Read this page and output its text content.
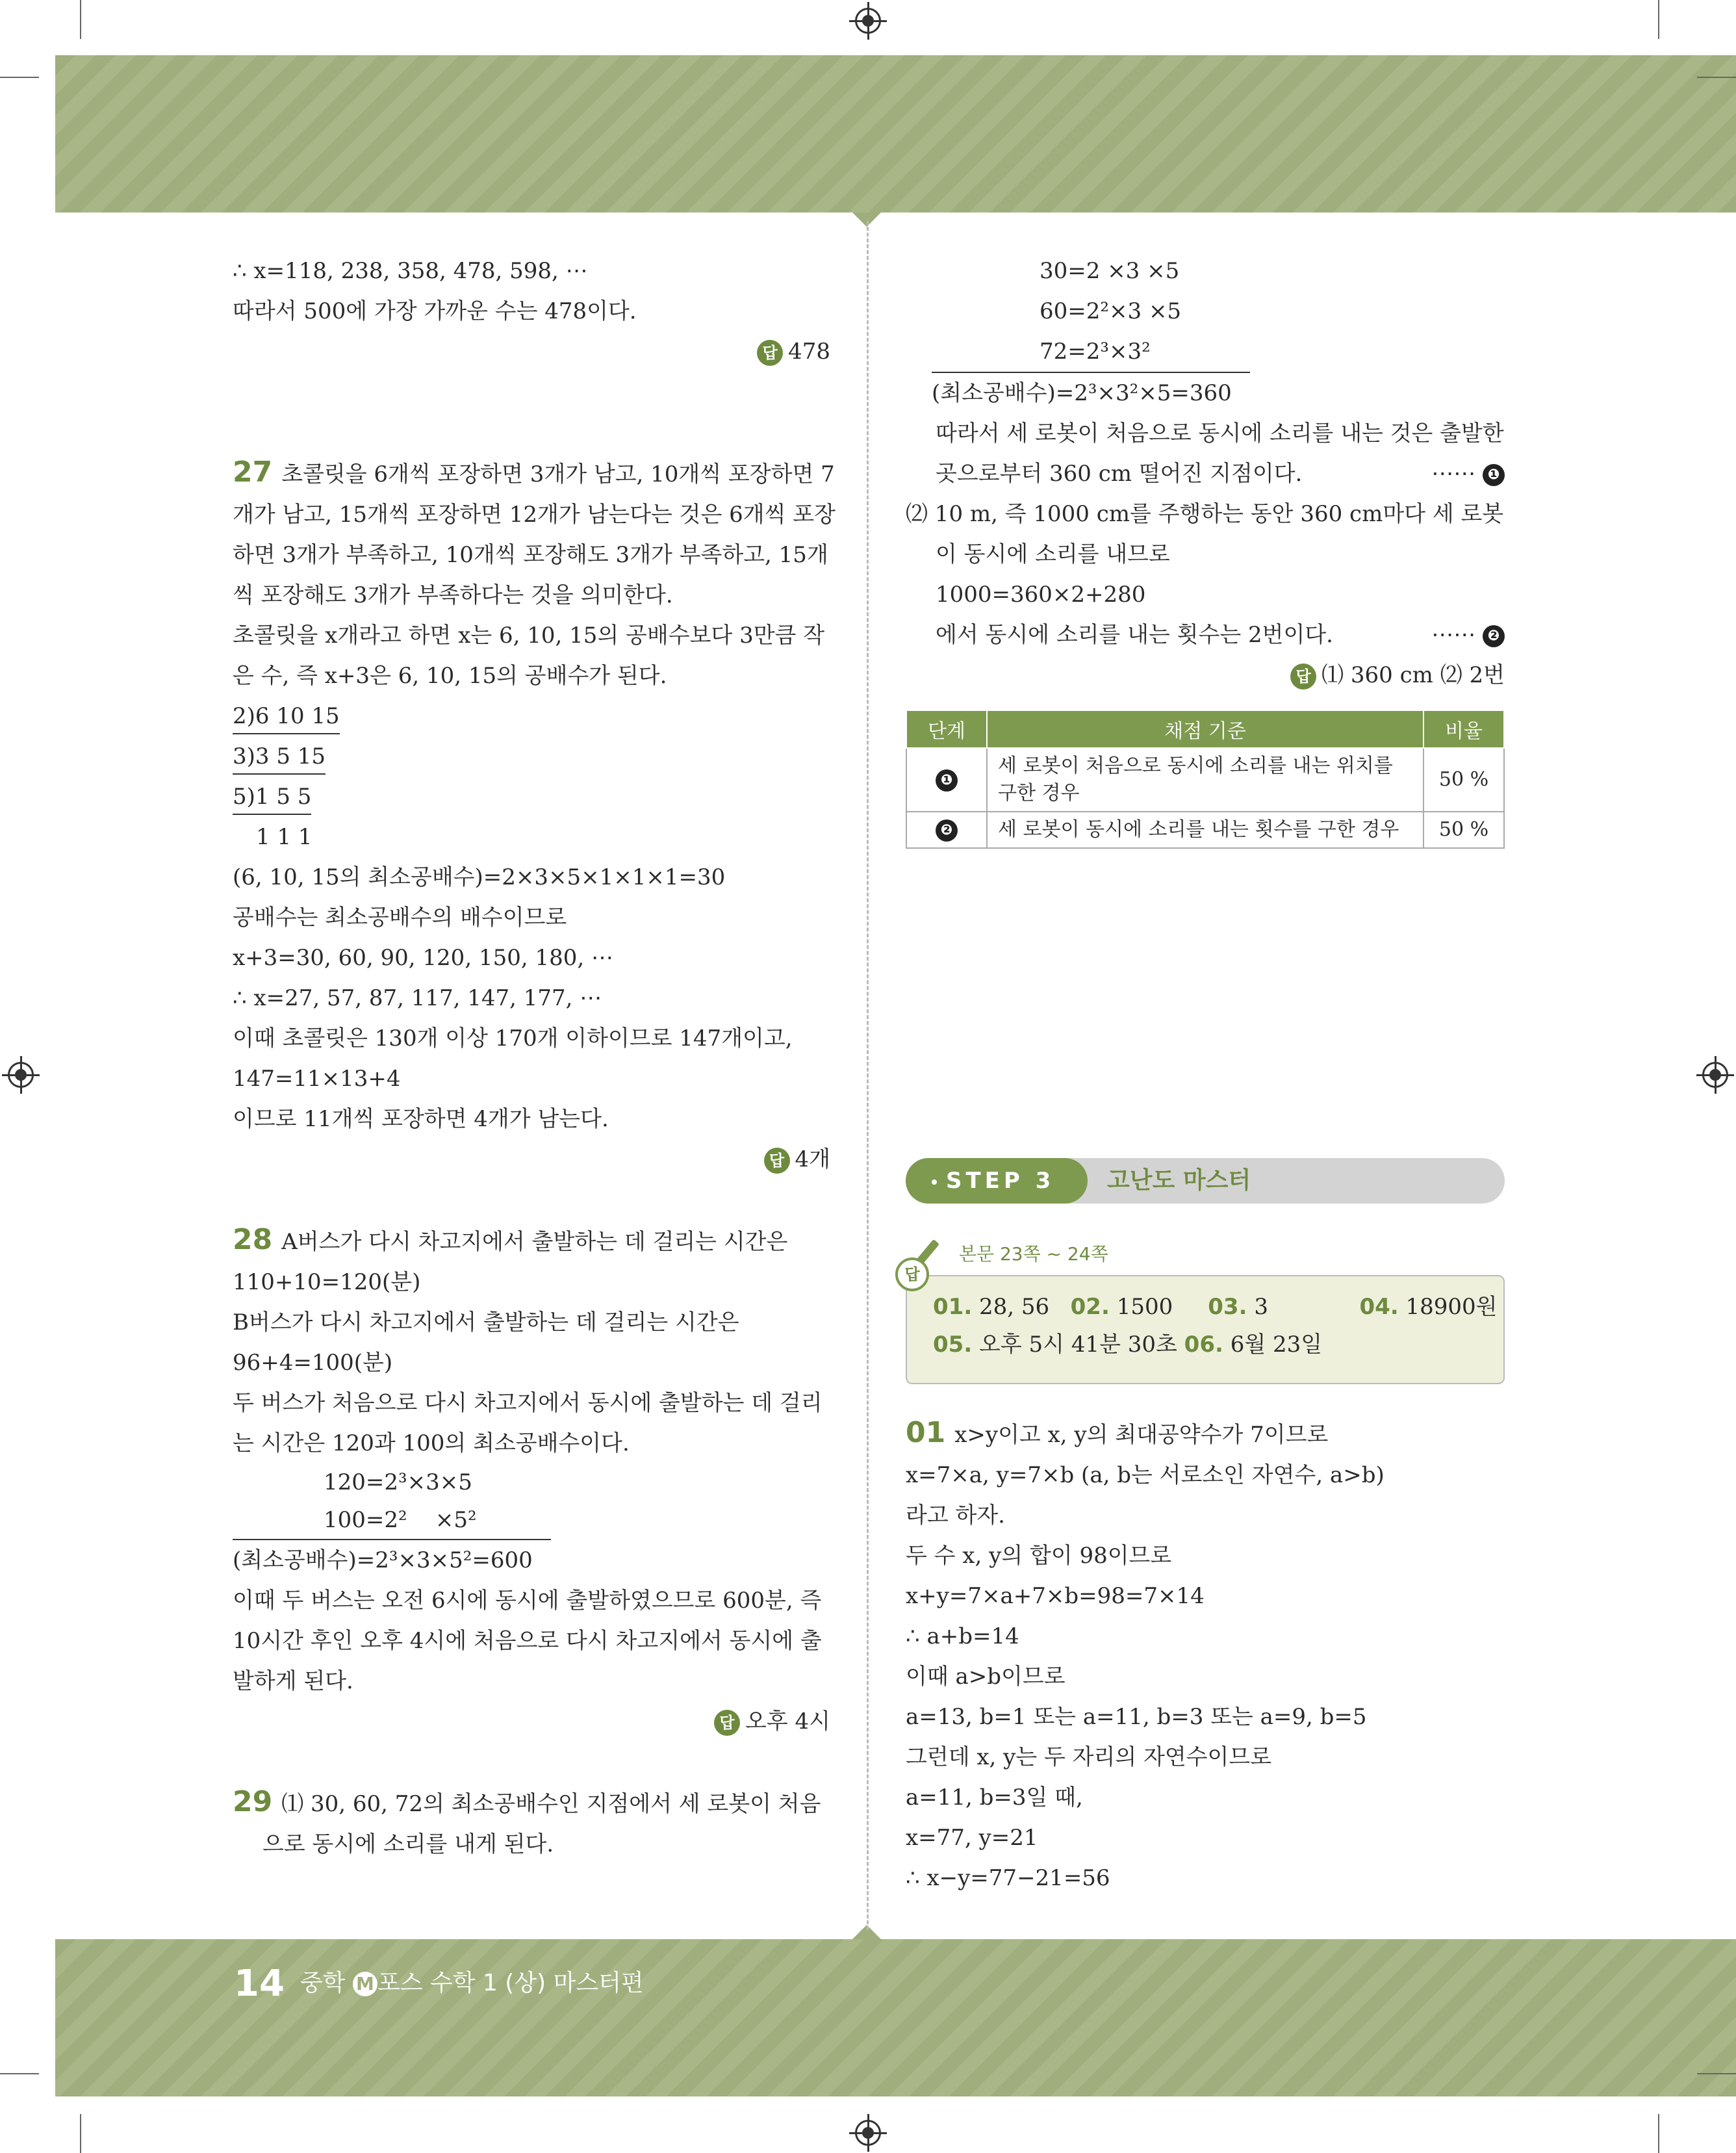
∴ x=118, 238, 358, 478, 598, ⋯
따라서 500에 가장 가까운 수는 478이다.
답 478
27 초콜릿을 6개씩 포장하면 3개가 남고, 10개씩 포장하면 7
개가 남고, 15개씩 포장하면 12개가 남는다는 것은 6개씩 포장
하면 3개가 부족하고, 10개씩 포장해도 3개가 부족하고, 15개
씩 포장해도 3개가 부족하다는 것을 의미한다.
초콜릿을 x개라고 하면 x는 6, 10, 15의 공배수보다 3만큼 작
은 수, 즉 x+3은 6, 10, 15의 공배수가 된다.
2)6 10 15
3)3 5 15
5)1 5 5
1 1 1
(6, 10, 15의 최소공배수)=2×3×5×1×1×1=30
공배수는 최소공배수의 배수이므로
x+3=30, 60, 90, 120, 150, 180, ⋯
∴ x=27, 57, 87, 117, 147, 177, ⋯
이때 초콜릿은 130개 이상 170개 이하이므로 147개이고,
147=11×13+4
이므로 11개씩 포장하면 4개가 남는다.
답 4개
28 A버스가 다시 차고지에서 출발하는 데 걸리는 시간은
110+10=120(분)
B버스가 다시 차고지에서 출발하는 데 걸리는 시간은
96+4=100(분)
두 버스가 처음으로 다시 차고지에서 동시에 출발하는 데 걸리
는 시간은 120과 100의 최소공배수이다.
120=2³×3×5
100=2²    ×5²
(최소공배수)=2³×3×5²=600
이때 두 버스는 오전 6시에 동시에 출발하였으므로 600분, 즉
10시간 후인 오후 4시에 처음으로 다시 차고지에서 동시에 출
발하게 된다.
답 오후 4시
29 ⑴ 30, 60, 72의 최소공배수인 지점에서 세 로봇이 처음
으로 동시에 소리를 내게 된다.
30=2 ×3 ×5
60=2²×3 ×5
72=2³×3²
(최소공배수)=2³×3²×5=360
따라서 세 로봇이 처음으로 동시에 소리를 내는 것은 출발한
곳으로부터 360 cm 떨어진 지점이다.	⋯⋯ ❶
⑵ 10 m, 즉 1000 cm를 주행하는 동안 360 cm마다 세 로봇
이 동시에 소리를 내므로
1000=360×2+280
에서 동시에 소리를 내는 횟수는 2번이다.	⋯⋯ ❷
답 ⑴ 360 cm ⑵ 2번
단계	채점 기준	비율
❶	세 로봇이 처음으로 동시에 소리를 내는 위치를 구한 경우	50 %
❷	세 로봇이 동시에 소리를 내는 횟수를 구한 경우	50 %
STEP 3	고난도 마스터
본문 23쪽 ~ 24쪽
01. 28, 56 02. 1500 03. 3	04. 18900원
05. 오후 5시 41분 30초 06. 6월 23일
답
01 x>y이고 x, y의 최대공약수가 7이므로
x=7×a, y=7×b (a, b는 서로소인 자연수, a>b)
라고 하자.
두 수 x, y의 합이 98이므로
x+y=7×a+7×b=98=7×14
∴ a+b=14
이때 a>b이므로
a=13, b=1 또는 a=11, b=3 또는 a=9, b=5
그런데 x, y는 두 자리의 자연수이므로
a=11, b=3일 때,
x=77, y=21
∴ x−y=77−21=56
14 중학 M 포스 수학 1 (상) 마스터편
